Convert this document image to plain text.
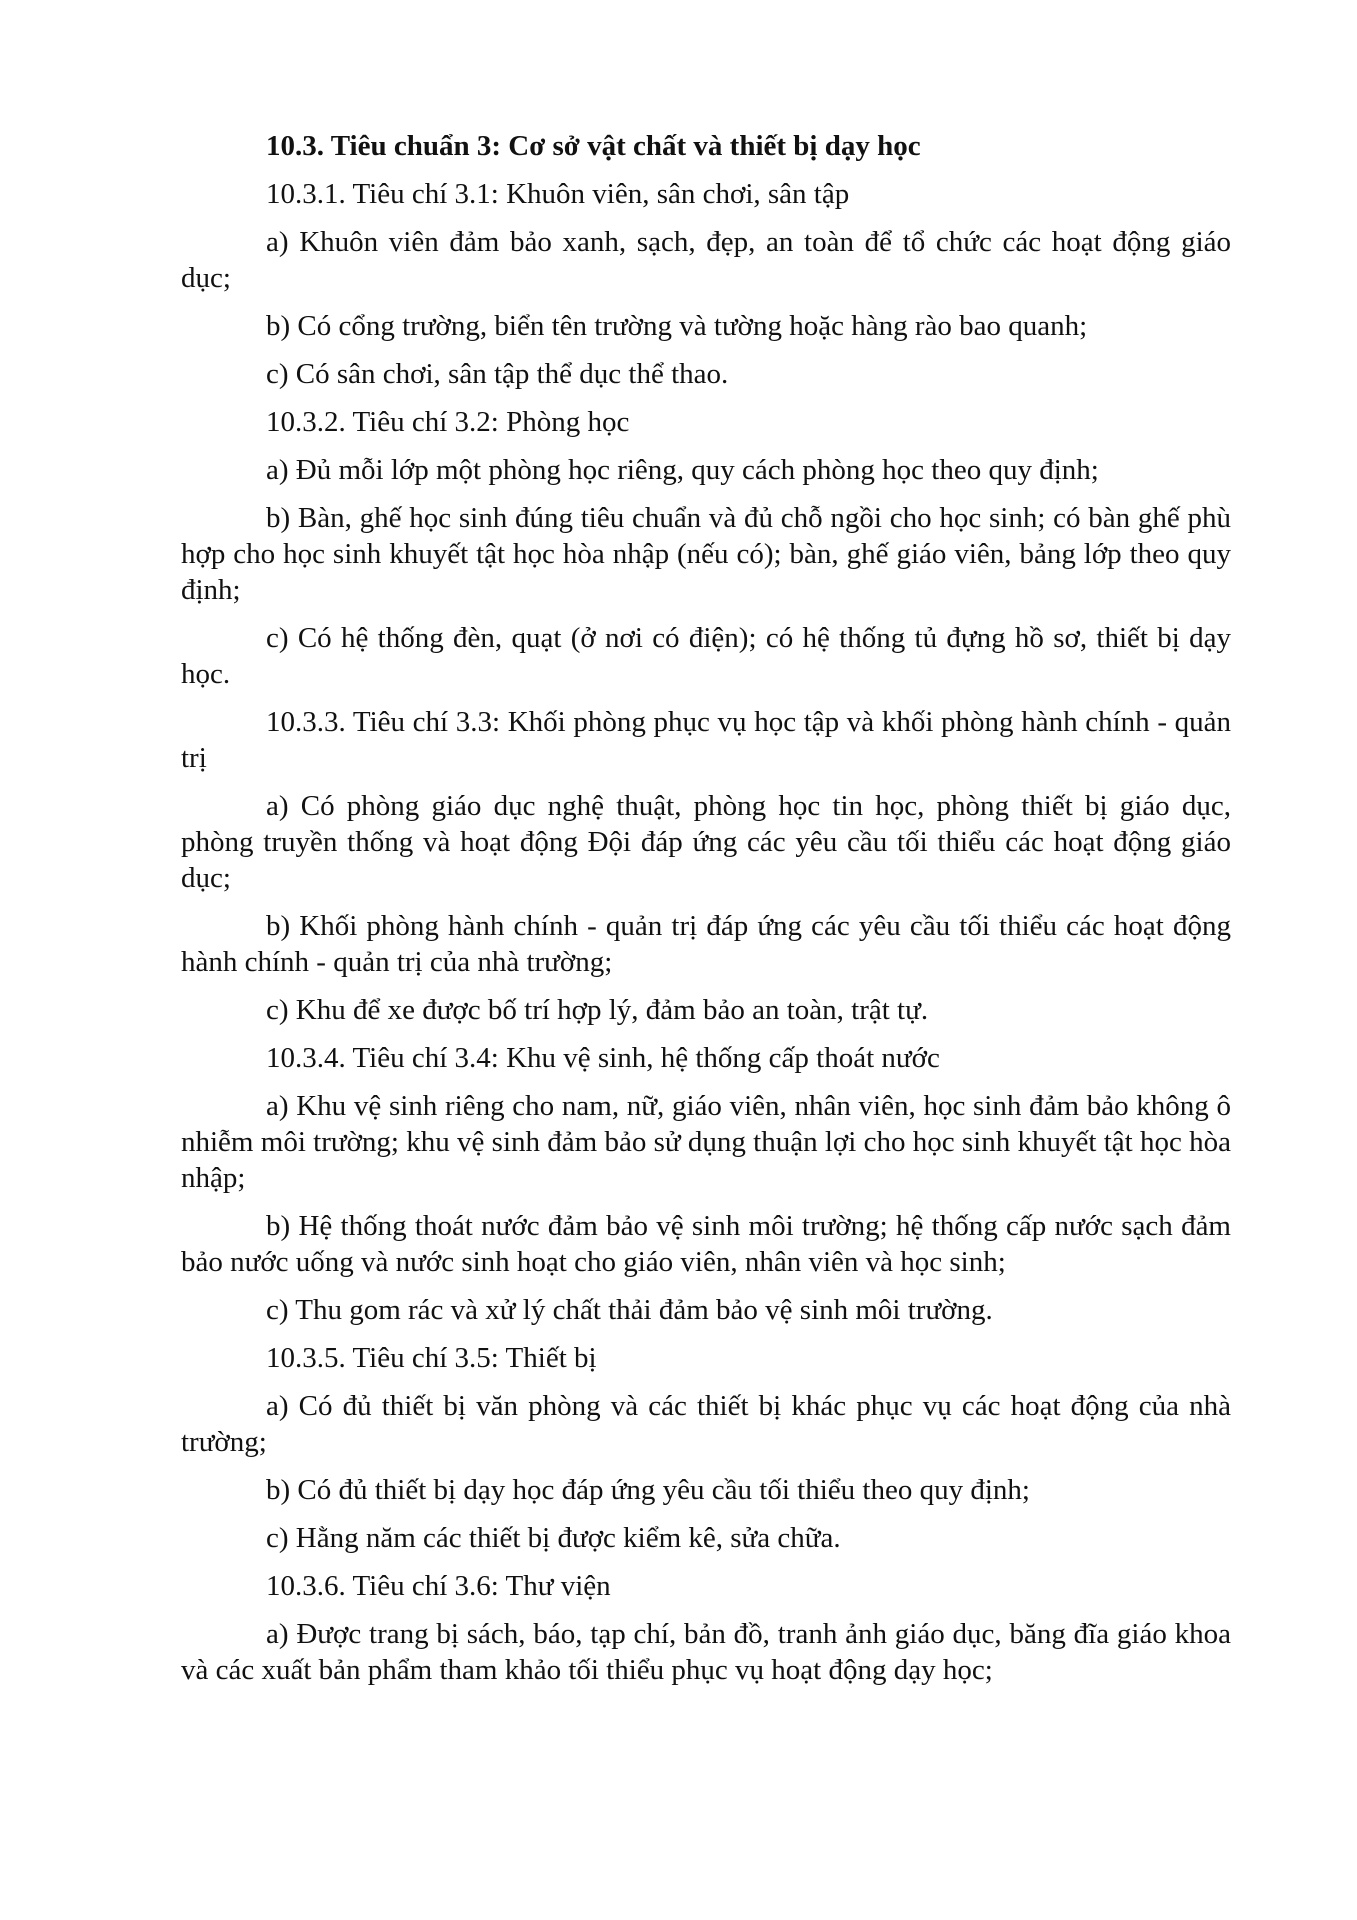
10.3. Tiêu chuẩn 3: Cơ sở vật chất và thiết bị dạy học

10.3.1. Tiêu chí 3.1: Khuôn viên, sân chơi, sân tập

a) Khuôn viên đảm bảo xanh, sạch, đẹp, an toàn để tổ chức các hoạt động giáo dục;

b) Có cổng trường, biển tên trường và tường hoặc hàng rào bao quanh;

c) Có sân chơi, sân tập thể dục thể thao.

10.3.2. Tiêu chí 3.2: Phòng học

a) Đủ mỗi lớp một phòng học riêng, quy cách phòng học theo quy định;

b) Bàn, ghế học sinh đúng tiêu chuẩn và đủ chỗ ngồi cho học sinh; có bàn ghế phù hợp cho học sinh khuyết tật học hòa nhập (nếu có); bàn, ghế giáo viên, bảng lớp theo quy định;

c) Có hệ thống đèn, quạt (ở nơi có điện); có hệ thống tủ đựng hồ sơ, thiết bị dạy học.

10.3.3. Tiêu chí 3.3: Khối phòng phục vụ học tập và khối phòng hành chính - quản trị

a) Có phòng giáo dục nghệ thuật, phòng học tin học, phòng thiết bị giáo dục, phòng truyền thống và hoạt động Đội đáp ứng các yêu cầu tối thiểu các hoạt động giáo dục;

b) Khối phòng hành chính - quản trị đáp ứng các yêu cầu tối thiểu các hoạt động hành chính - quản trị của nhà trường;

c) Khu để xe được bố trí hợp lý, đảm bảo an toàn, trật tự.

10.3.4. Tiêu chí 3.4: Khu vệ sinh, hệ thống cấp thoát nước

a) Khu vệ sinh riêng cho nam, nữ, giáo viên, nhân viên, học sinh đảm bảo không ô nhiễm môi trường; khu vệ sinh đảm bảo sử dụng thuận lợi cho học sinh khuyết tật học hòa nhập;

b) Hệ thống thoát nước đảm bảo vệ sinh môi trường; hệ thống cấp nước sạch đảm bảo nước uống và nước sinh hoạt cho giáo viên, nhân viên và học sinh;

c) Thu gom rác và xử lý chất thải đảm bảo vệ sinh môi trường.

10.3.5. Tiêu chí 3.5: Thiết bị

a) Có đủ thiết bị văn phòng và các thiết bị khác phục vụ các hoạt động của nhà trường;

b) Có đủ thiết bị dạy học đáp ứng yêu cầu tối thiểu theo quy định;

c) Hằng năm các thiết bị được kiểm kê, sửa chữa.

10.3.6. Tiêu chí 3.6: Thư viện

a) Được trang bị sách, báo, tạp chí, bản đồ, tranh ảnh giáo dục, băng đĩa giáo khoa và các xuất bản phẩm tham khảo tối thiểu phục vụ hoạt động dạy học;
